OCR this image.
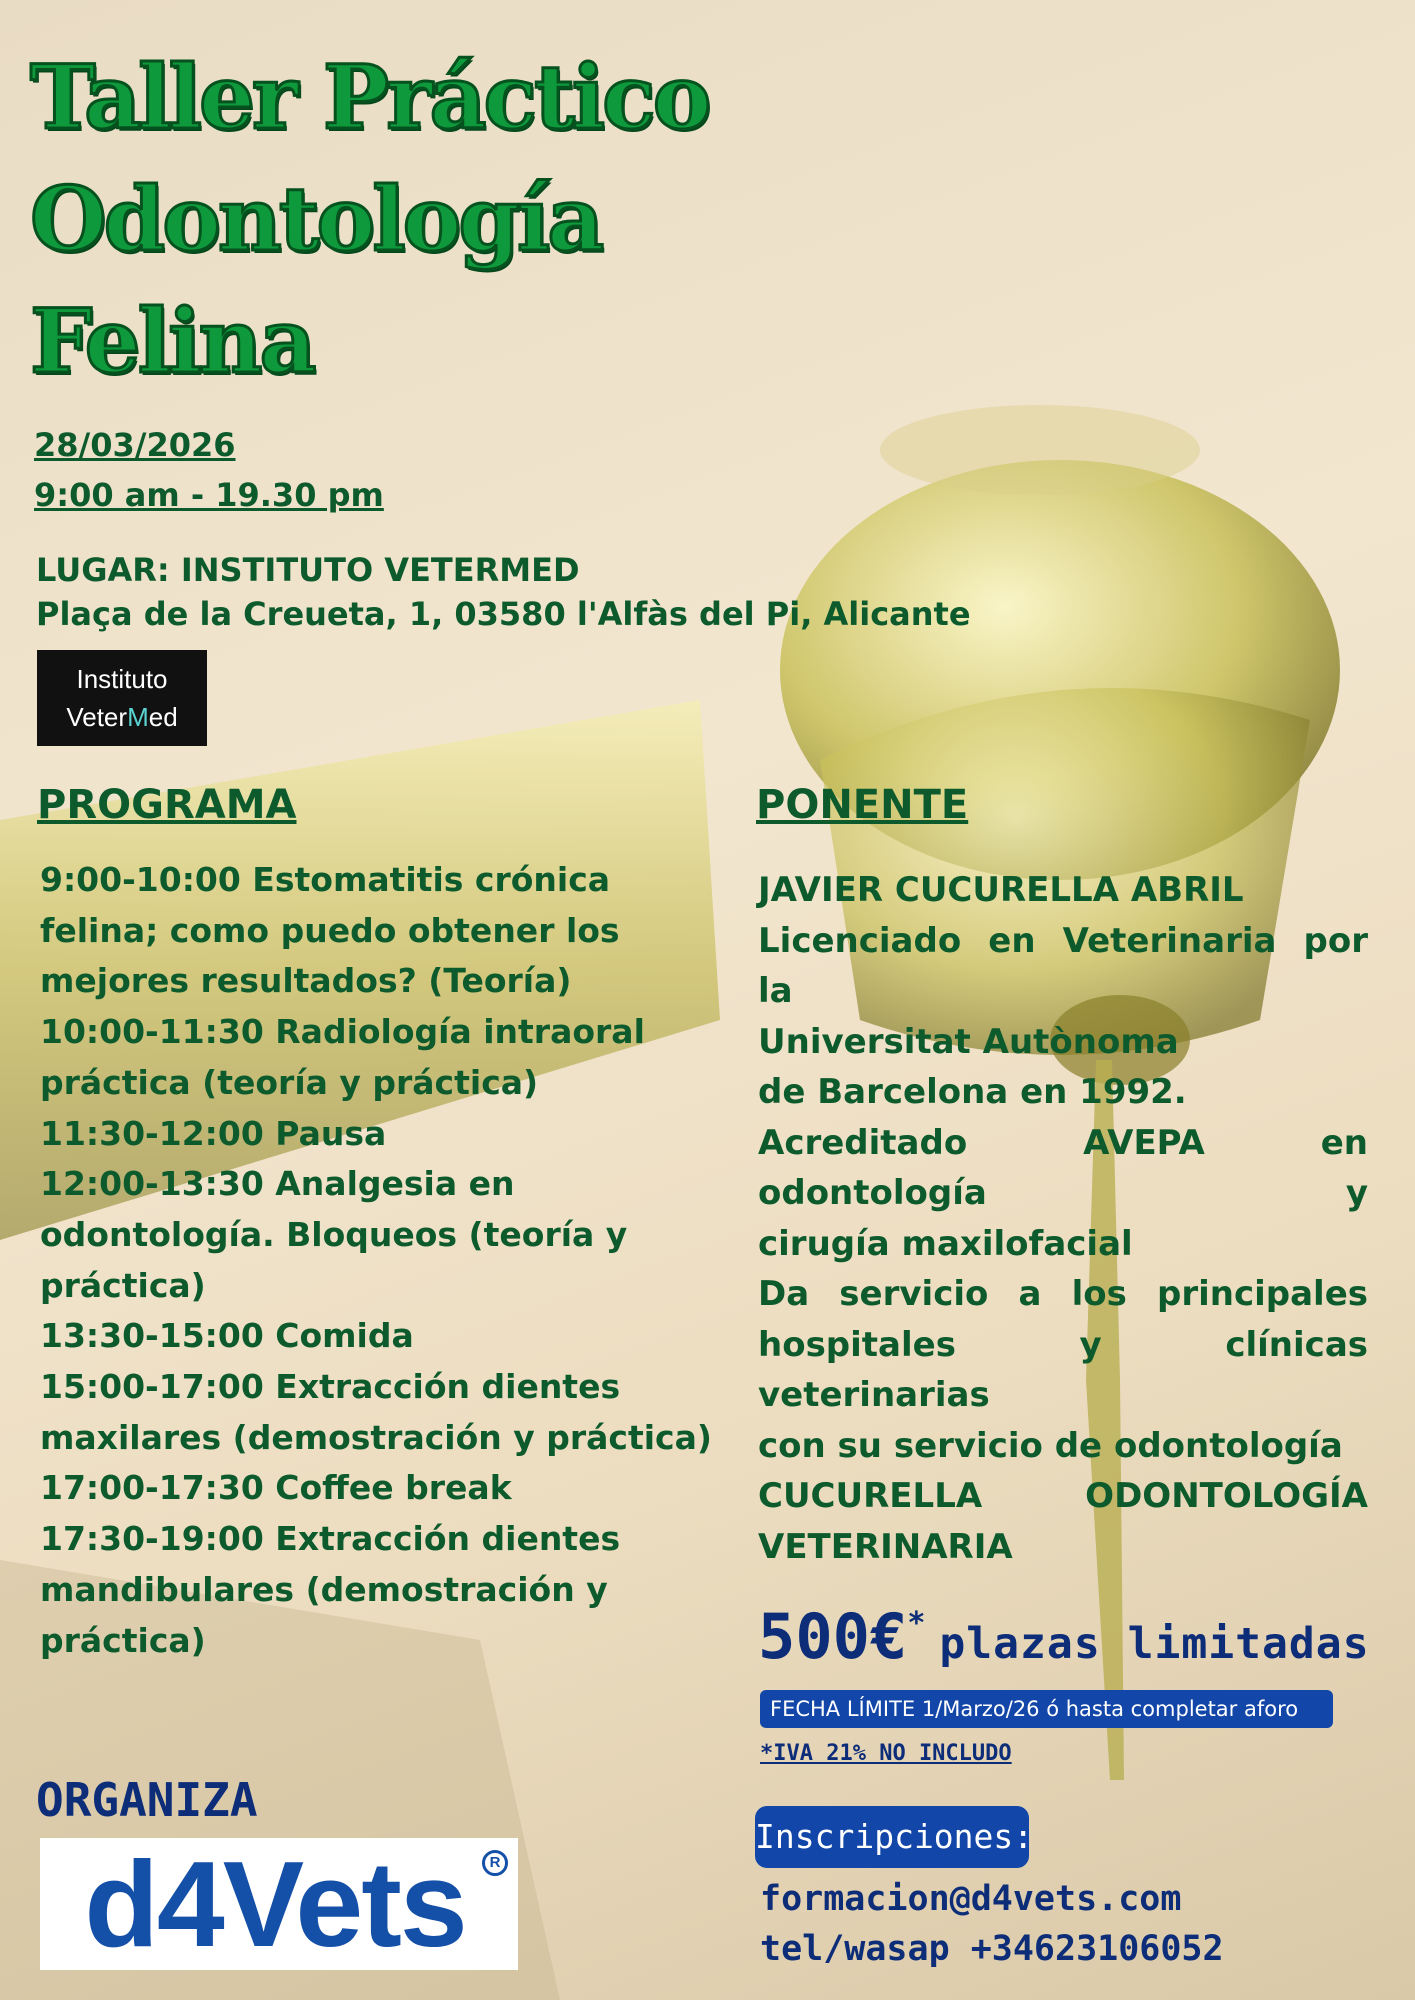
Taller Práctico
Odontología
Felina
28/03/2026
9:00 am - 19.30 pm
LUGAR: INSTITUTO VETERMED
Plaça de la Creueta, 1, 03580 l'Alfàs del Pi, Alicante
Instituto
VeterMed
PROGRAMA	PONENTE
9:00-10:00 Estomatitis crónica
felina; como puedo obtener los
mejores resultados? (Teoría)
10:00-11:30 Radiología intraoral
práctica (teoría y práctica)
11:30-12:00 Pausa
12:00-13:30 Analgesia en
odontología. Bloqueos (teoría y
práctica)
13:30-15:00 Comida
15:00-17:00 Extracción dientes
maxilares (demostración y práctica)
17:00-17:30 Coffee break
17:30-19:00 Extracción dientes
mandibulares (demostración y
práctica)
JAVIER CUCURELLA ABRIL
Licenciado en Veterinaria por la
Universitat Autònoma
de Barcelona en 1992.
Acreditado AVEPA en odontología y
cirugía maxilofacial
Da servicio a los principales
hospitales y clínicas veterinarias
con su servicio de odontología
CUCURELLA ODONTOLOGÍA
VETERINARIA
500€* plazas limitadas
FECHA LÍMITE 1/Marzo/26 ó hasta completar aforo
*IVA 21% NO INCLUDO
ORGANIZA
d4Vets	R
Inscripciones:
formacion@d4vets.com
tel/wasap +34623106052
